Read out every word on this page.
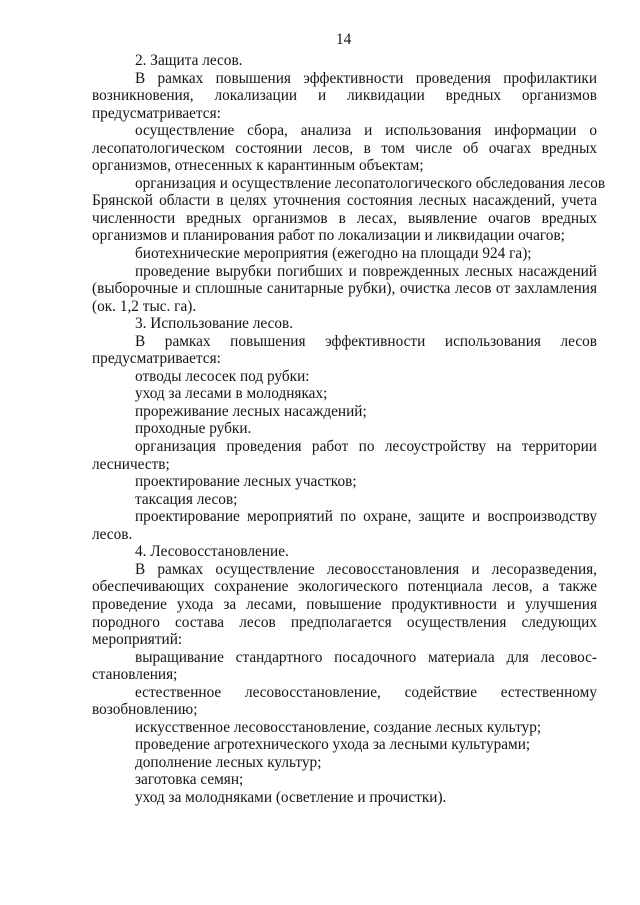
14
2. Защита лесов.
В рамках повышения эффективности проведения профилактики
возникновения, локализации и ликвидации вредных организмов
предусматривается:
осуществление сбора, анализа и использования информации о
лесопатологическом состоянии лесов, в том числе об очагах вредных
организмов, отнесенных к карантинным объектам;
организация и осуществление лесопатологического обследования лесов
Брянской области в целях уточнения состояния лесных насаждений, учета
численности вредных организмов в лесах, выявление очагов вредных
организмов и планирования работ по локализации и ликвидации очагов;
биотехнические мероприятия (ежегодно на площади 924 га);
проведение вырубки погибших и поврежденных лесных насаждений
(выборочные и сплошные санитарные рубки), очистка лесов от захламления
(ок. 1,2 тыс. га).
3. Использование лесов.
В рамках повышения эффективности использования лесов
предусматривается:
отводы лесосек под рубки:
уход за лесами в молодняках;
прореживание лесных насаждений;
проходные рубки.
организация проведения работ по лесоустройству на территории
лесничеств;
проектирование лесных участков;
таксация лесов;
проектирование мероприятий по охране, защите и воспроизводству
лесов.
4. Лесовосстановление.
В рамках осуществление лесовосстановления и лесоразведения,
обеспечивающих сохранение экологического потенциала лесов, а также
проведение ухода за лесами, повышение продуктивности и улучшения
породного состава лесов предполагается осуществления следующих
мероприятий:
выращивание стандартного посадочного материала для лесовос-
становления;
естественное лесовосстановление, содействие естественному
возобновлению;
искусственное лесовосстановление, создание лесных культур;
проведение агротехнического ухода за лесными культурами;
дополнение лесных культур;
заготовка семян;
уход за молодняками (осветление и прочистки).
